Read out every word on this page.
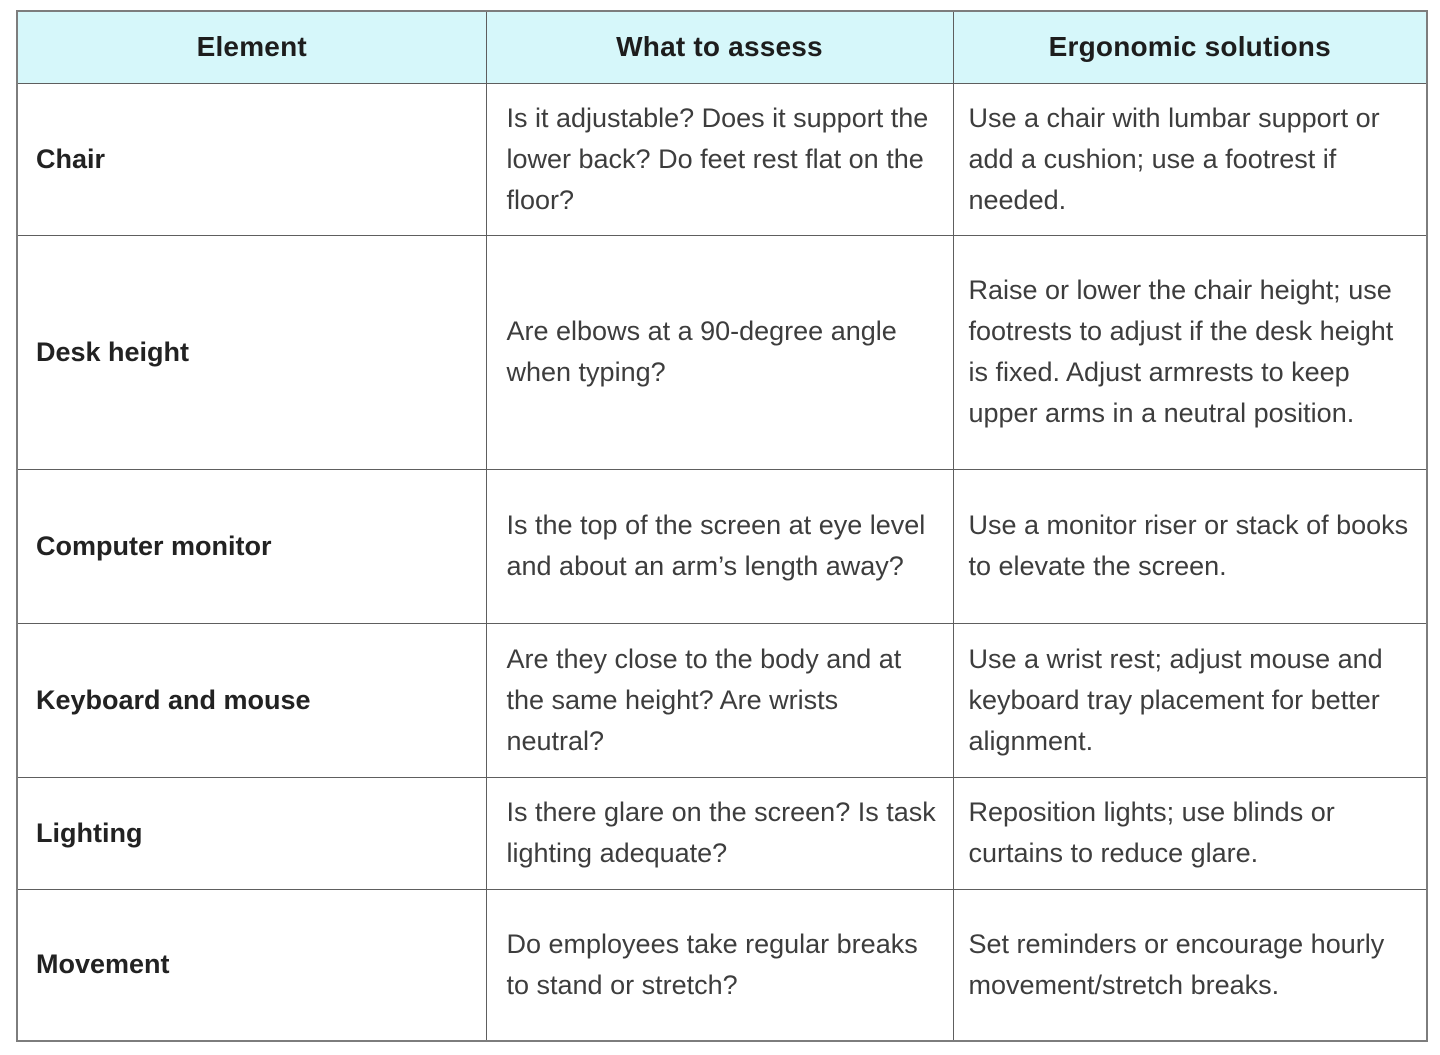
Element	What to assess	Ergonomic solutions
Chair	Is it adjustable? Does it support the lower back? Do feet rest flat on the floor?	Use a chair with lumbar support or add a cushion; use a footrest if needed.
Desk height	Are elbows at a 90-degree angle when typing?	Raise or lower the chair height; use footrests to adjust if the desk height is fixed. Adjust armrests to keep upper arms in a neutral position.
Computer monitor	Is the top of the screen at eye level and about an arm’s length away?	Use a monitor riser or stack of books to elevate the screen.
Keyboard and mouse	Are they close to the body and at the same height? Are wrists neutral?	Use a wrist rest; adjust mouse and keyboard tray placement for better alignment.
Lighting	Is there glare on the screen? Is task lighting adequate?	Reposition lights; use blinds or curtains to reduce glare.
Movement	Do employees take regular breaks to stand or stretch?	Set reminders or encourage hourly movement/stretch breaks.
